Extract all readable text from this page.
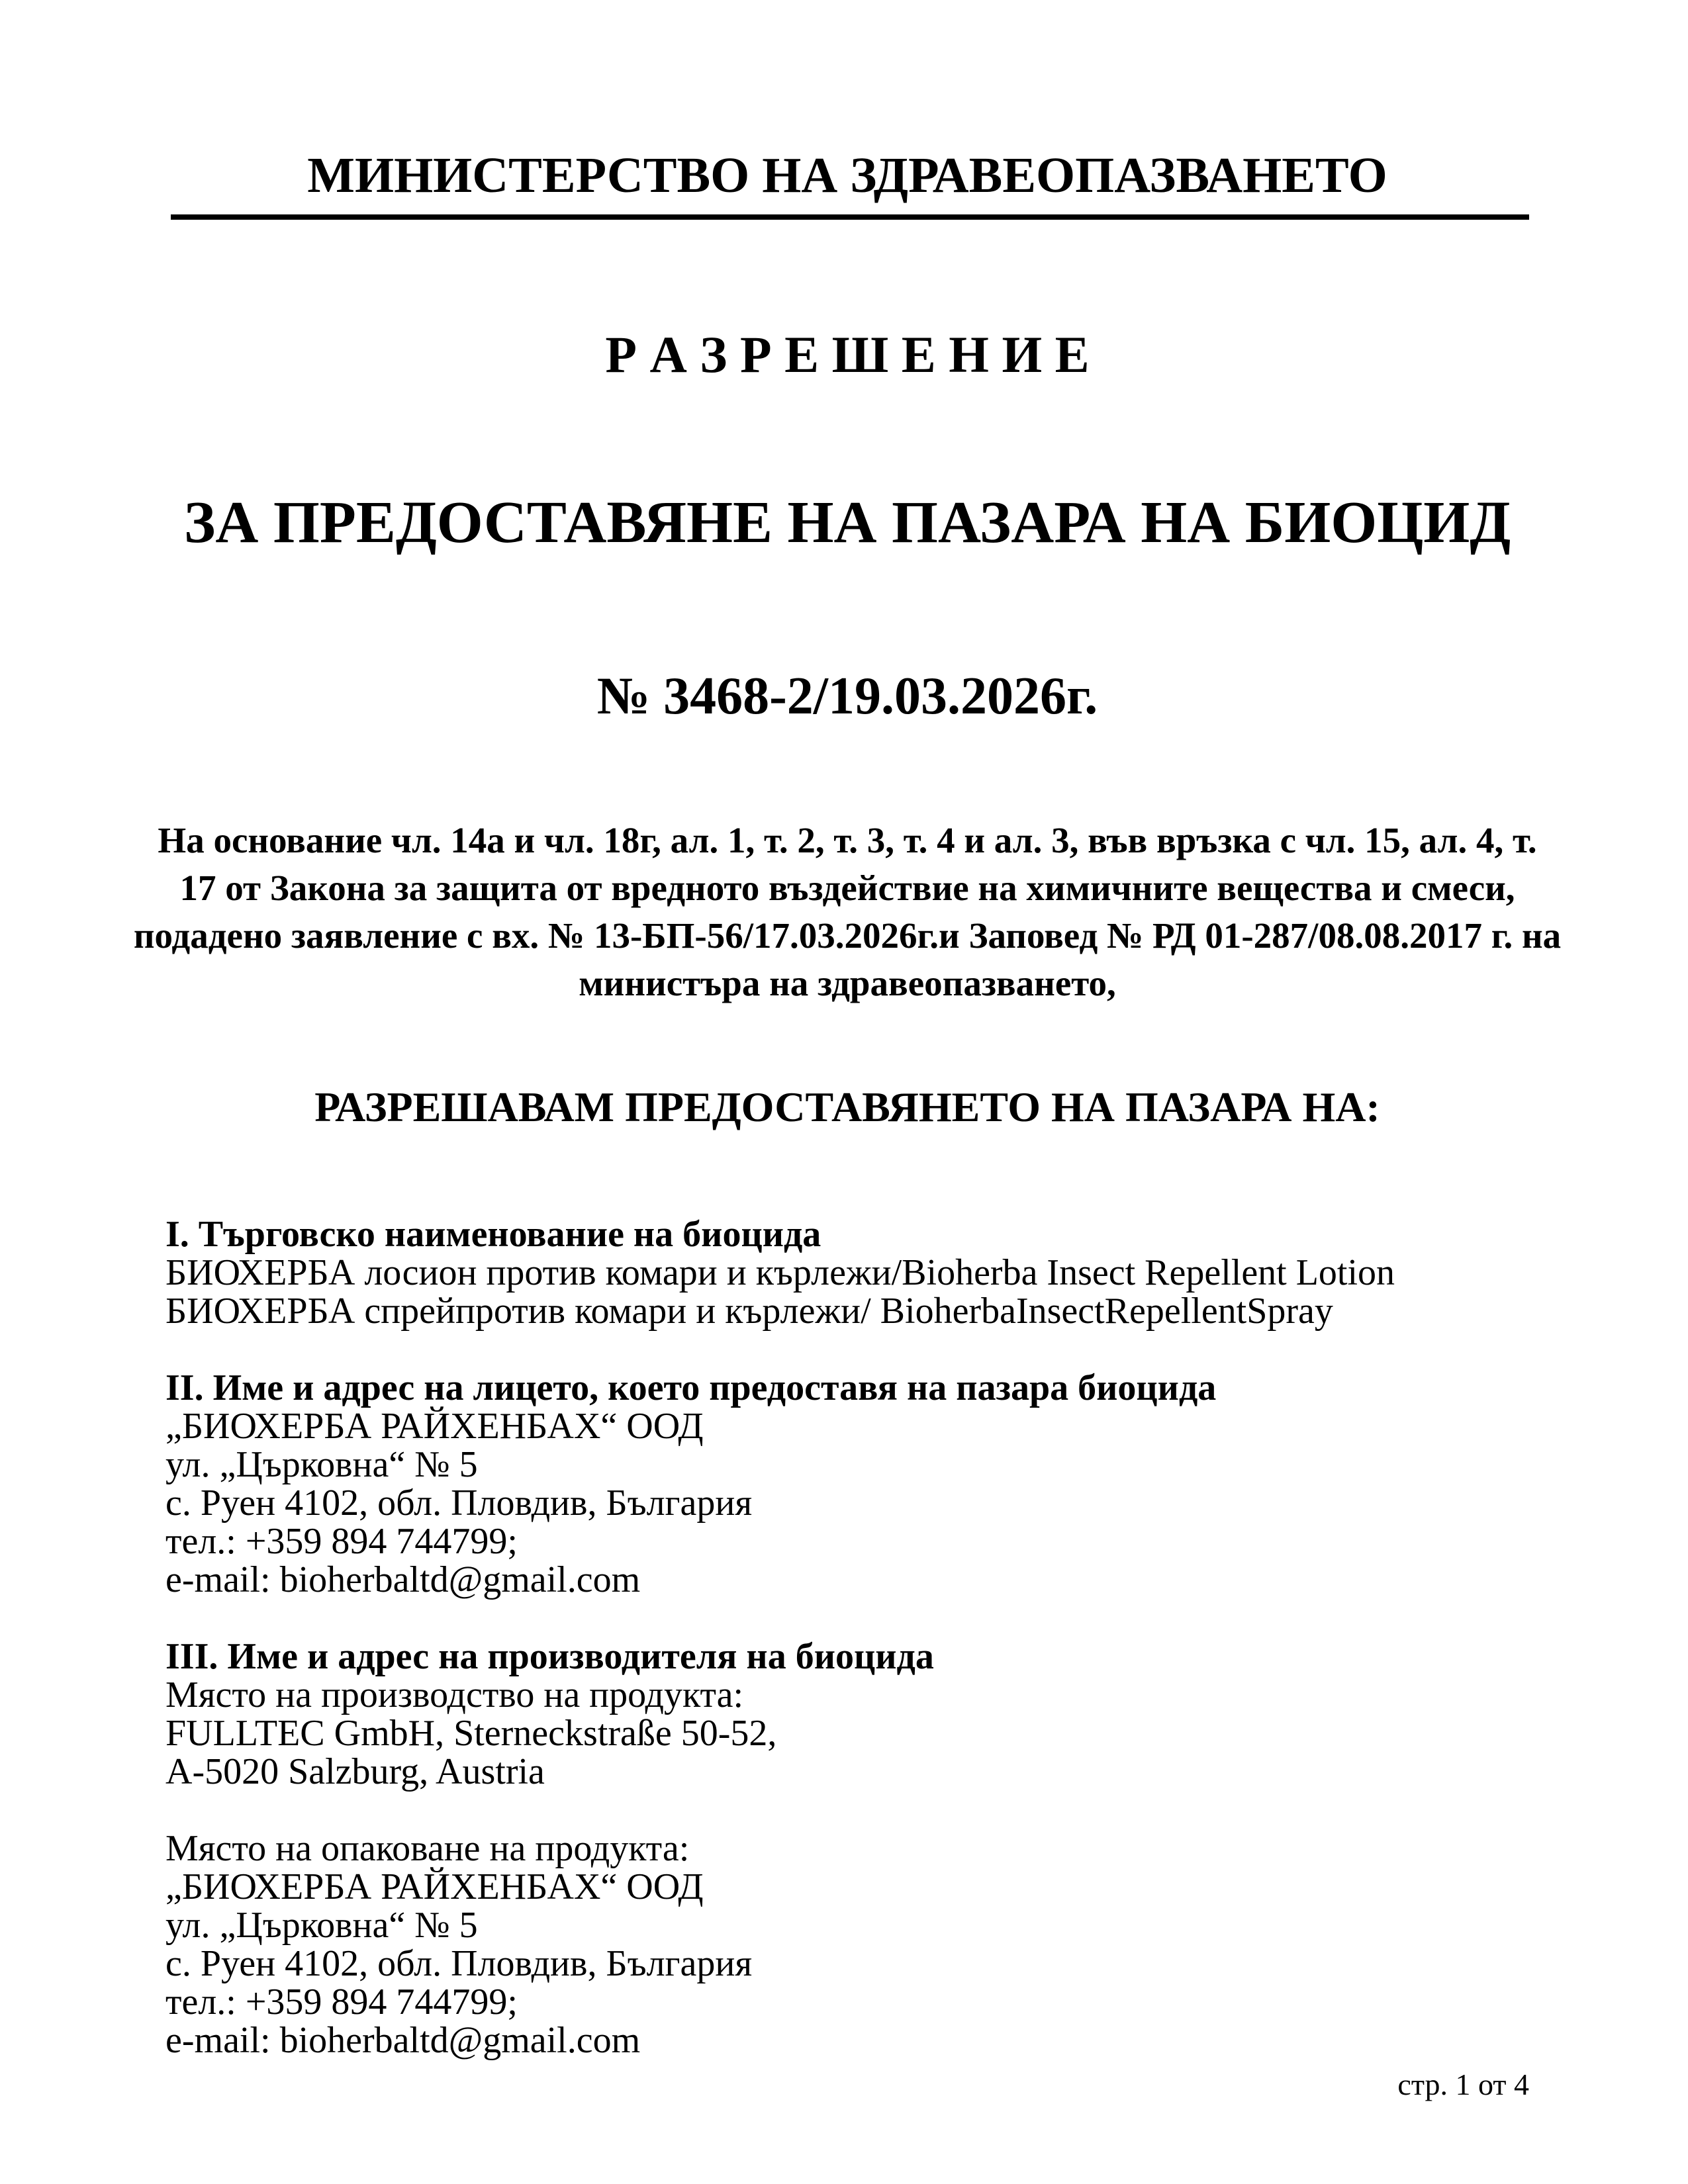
МИНИСТЕРСТВО НА ЗДРАВЕОПАЗВАНЕТО
Р А З Р Е Ш Е Н И Е
ЗА ПРЕДОСТАВЯНЕ НА ПАЗАРА НА БИОЦИД
№ 3468-2/19.03.2026г.
На основание чл. 14а и чл. 18г, ал. 1, т. 2, т. 3, т. 4 и ал. 3, във връзка с чл. 15, ал. 4, т.
17 от Закона за защита от вредното въздействие на химичните вещества и смеси,
подадено заявление с вх. № 13-БП-56/17.03.2026г.и Заповед № РД 01-287/08.08.2017 г. на
министъра на здравеопазването,
РАЗРЕШАВАМ ПРЕДОСТАВЯНЕТО НА ПАЗАРА НА:
I. Търговско наименование на биоцида
БИОХЕРБА лосион против комари и кърлежи/Bioherba Insect Repellent Lotion
БИОХЕРБА спрейпротив комари и кърлежи/ BioherbaInsectRepellentSpray
II. Име и адрес на лицето, което предоставя на пазара биоцида
„БИОХЕРБА РАЙХЕНБАХ“ ООД
ул. „Църковна“ № 5
с. Руен 4102, обл. Пловдив, България
тел.: +359 894 744799;
e-mail: bioherbaltd@gmail.com
III. Име и адрес на производителя на биоцида
Място на производство на продукта:
FULLTEC GmbH, Sterneckstraße 50-52,
A-5020 Salzburg, Austria
Място на опаковане на продукта:
„БИОХЕРБА РАЙХЕНБАХ“ ООД
ул. „Църковна“ № 5
с. Руен 4102, обл. Пловдив, България
тел.: +359 894 744799;
e-mail: bioherbaltd@gmail.com
стр. 1 от 4
